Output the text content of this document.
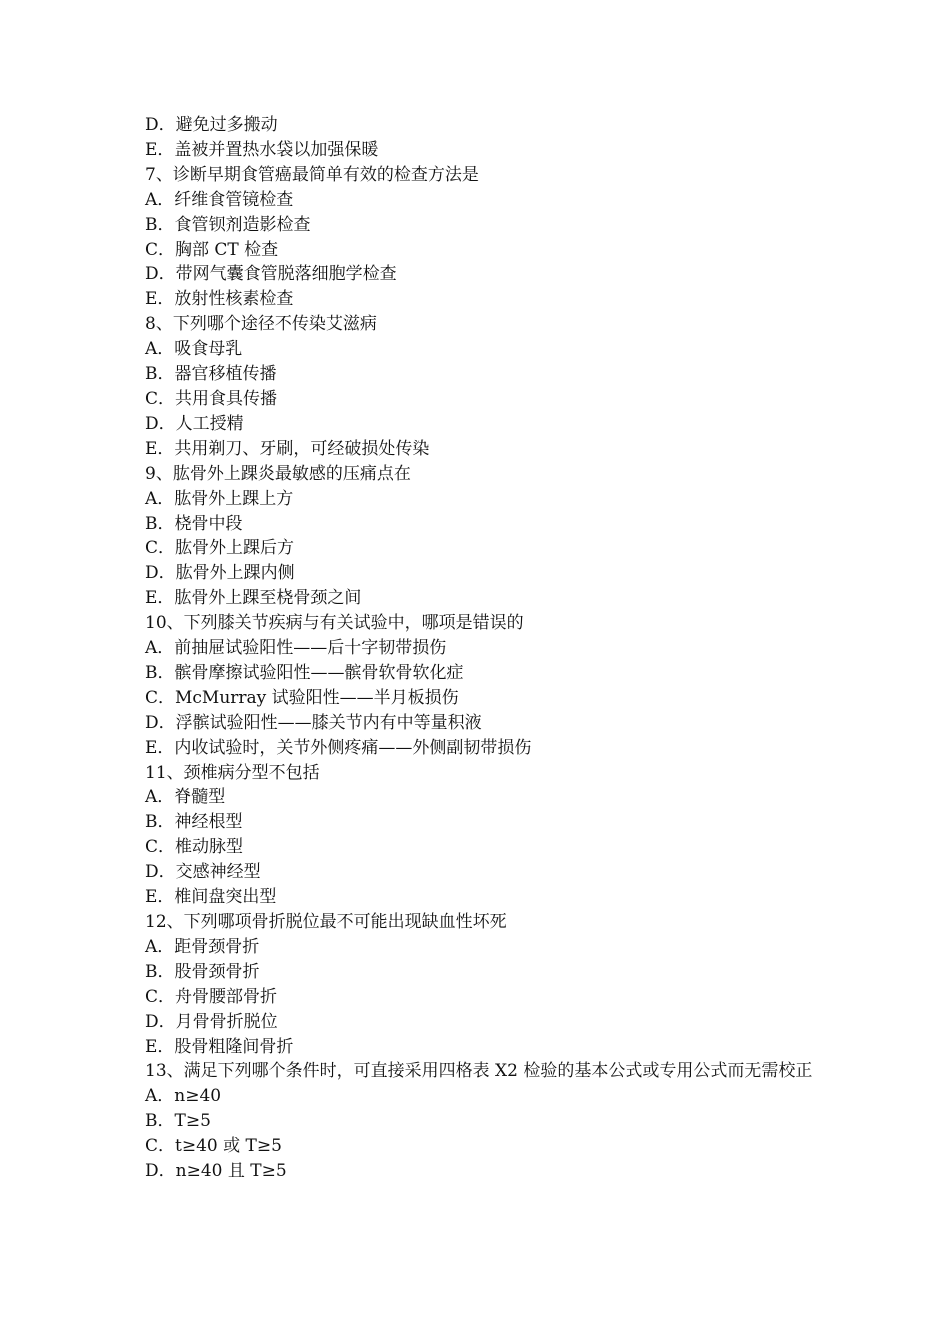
D．避免过多搬动

E．盖被并置热水袋以加强保暖

7、诊断早期食管癌最简单有效的检查方法是

A．纤维食管镜检查

B．食管钡剂造影检查

C．胸部 CT 检查

D．带网气囊食管脱落细胞学检查

E．放射性核素检查

8、下列哪个途径不传染艾滋病

A．吸食母乳

B．器官移植传播

C．共用食具传播

D．人工授精

E．共用剃刀、牙刷，可经破损处传染

9、肱骨外上踝炎最敏感的压痛点在

A．肱骨外上踝上方

B．桡骨中段

C．肱骨外上踝后方

D．肱骨外上踝内侧

E．肱骨外上踝至桡骨颈之间

10、下列膝关节疾病与有关试验中，哪项是错误的

A．前抽屉试验阳性——后十字韧带损伤

B．髌骨摩擦试验阳性——髌骨软骨软化症

C．McMurray 试验阳性——半月板损伤

D．浮髌试验阳性——膝关节内有中等量积液

E．内收试验时，关节外侧疼痛——外侧副韧带损伤

11、颈椎病分型不包括

A．脊髓型

B．神经根型

C．椎动脉型

D．交感神经型

E．椎间盘突出型

12、下列哪项骨折脱位最不可能出现缺血性坏死

A．距骨颈骨折

B．股骨颈骨折

C．舟骨腰部骨折

D．月骨骨折脱位

E．股骨粗隆间骨折

13、满足下列哪个条件时，可直接采用四格表 X2 检验的基本公式或专用公式而无需校正

A．n≥40

B．T≥5

C．t≥40 或 T≥5

D．n≥40 且 T≥5
